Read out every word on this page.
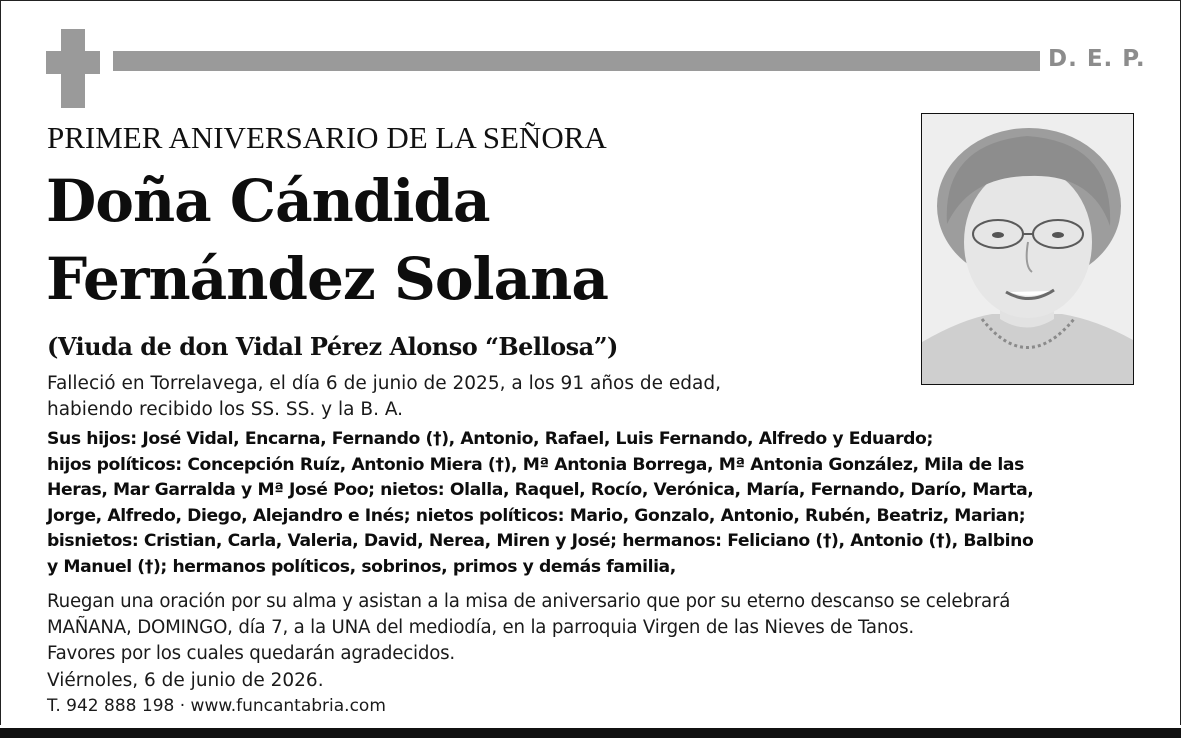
D. E. P.
PRIMER ANIVERSARIO DE LA SEÑORA
Doña Cándida
Fernández Solana
(Viuda de don Vidal Pérez Alonso “Bellosa”)
Falleció en Torrelavega, el día 6 de junio de 2025, a los 91 años de edad,
habiendo recibido los SS. SS. y la B. A.
Sus hijos: José Vidal, Encarna, Fernando (†), Antonio, Rafael, Luis Fernando, Alfredo y Eduardo;
hijos políticos: Concepción Ruíz, Antonio Miera (†), Mª Antonia Borrega, Mª Antonia González, Mila de las
Heras, Mar Garralda y Mª José Poo; nietos: Olalla, Raquel, Rocío, Verónica, María, Fernando, Darío, Marta,
Jorge, Alfredo, Diego, Alejandro e Inés; nietos políticos: Mario, Gonzalo, Antonio, Rubén, Beatriz, Marian;
bisnietos: Cristian, Carla, Valeria, David, Nerea, Miren y José; hermanos: Feliciano (†), Antonio (†), Balbino
y Manuel (†); hermanos políticos, sobrinos, primos y demás familia,
Ruegan una oración por su alma y asistan a la misa de aniversario que por su eterno descanso se celebrará
MAÑANA, DOMINGO, día 7, a la UNA del mediodía, en la parroquia Virgen de las Nieves de Tanos.
Favores por los cuales quedarán agradecidos.
Viérnoles, 6 de junio de 2026.
T. 942 888 198 · www.funcantabria.com
